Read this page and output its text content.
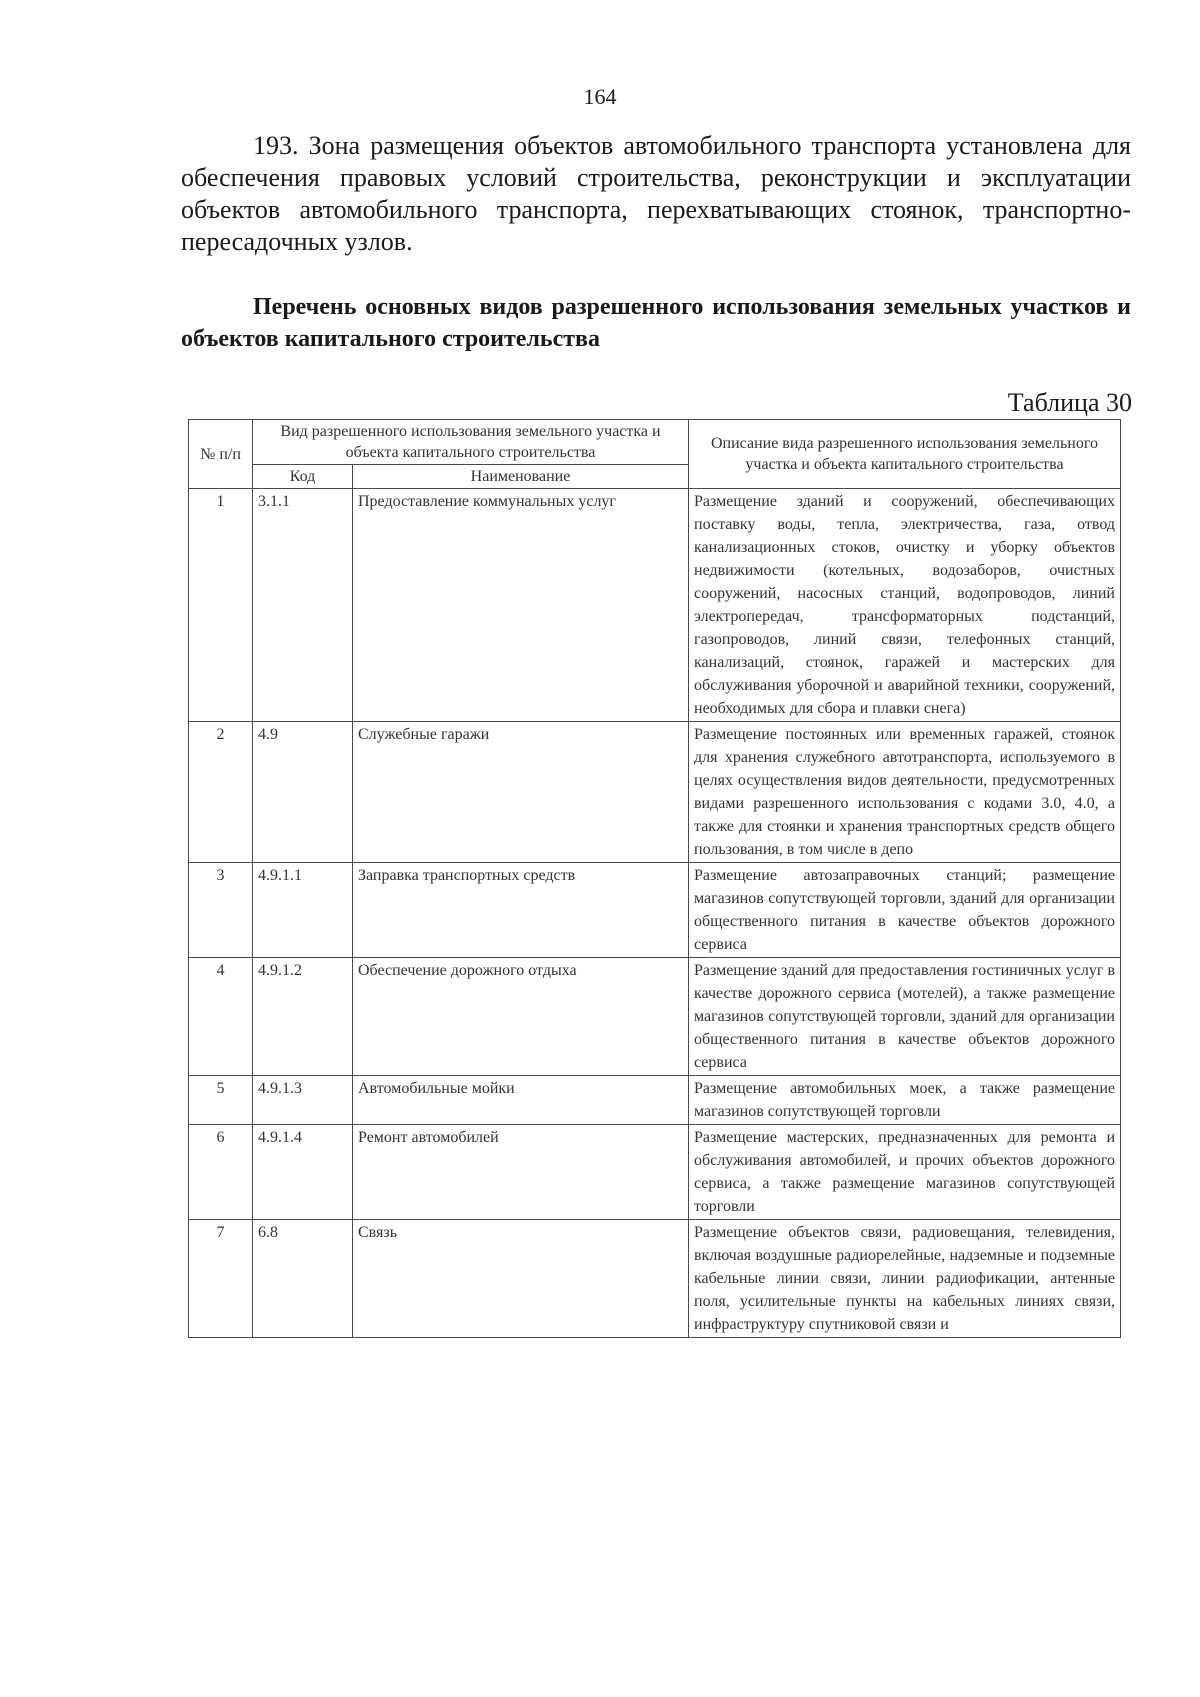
164

193. Зона размещения объектов автомобильного транспорта установлена для обеспечения правовых условий строительства, реконструкции и эксплуатации объектов автомобильного транспорта, перехватывающих стоянок, транспортно-пересадочных узлов.

Перечень основных видов разрешенного использования земельных участков и объектов капитального строительства

Таблица 30
№ п/п	Вид разрешенного использования земельного участка и объекта капитального строительства		Описание вида разрешенного использования земельного участка и объекта капитального строительства
	Код	Наименование	
1	3.1.1	Предоставление коммунальных услуг	Размещение зданий и сооружений, обеспечивающих поставку воды, тепла, электричества, газа, отвод канализационных стоков, очистку и уборку объектов недвижимости (котельных, водозаборов, очистных сооружений, насосных станций, водопроводов, линий электропередач, трансформаторных подстанций, газопроводов, линий связи, телефонных станций, канализаций, стоянок, гаражей и мастерских для обслуживания уборочной и аварийной техники, сооружений, необходимых для сбора и плавки снега)
2	4.9	Служебные гаражи	Размещение постоянных или временных гаражей, стоянок для хранения служебного автотранспорта, используемого в целях осуществления видов деятельности, предусмотренных видами разрешенного использования с кодами 3.0, 4.0, а также для стоянки и хранения транспортных средств общего пользования, в том числе в депо
3	4.9.1.1	Заправка транспортных средств	Размещение автозаправочных станций; размещение магазинов сопутствующей торговли, зданий для организации общественного питания в качестве объектов дорожного сервиса
4	4.9.1.2	Обеспечение дорожного отдыха	Размещение зданий для предоставления гостиничных услуг в качестве дорожного сервиса (мотелей), а также размещение магазинов сопутствующей торговли, зданий для организации общественного питания в качестве объектов дорожного сервиса
5	4.9.1.3	Автомобильные мойки	Размещение автомобильных моек, а также размещение магазинов сопутствующей торговли
6	4.9.1.4	Ремонт автомобилей	Размещение мастерских, предназначенных для ремонта и обслуживания автомобилей, и прочих объектов дорожного сервиса, а также размещение магазинов сопутствующей торговли
7	6.8	Связь	Размещение объектов связи, радиовещания, телевидения, включая воздушные радиорелейные, надземные и подземные кабельные линии связи, линии радиофикации, антенные поля, усилительные пункты на кабельных линиях связи, инфраструктуру спутниковой связи и
